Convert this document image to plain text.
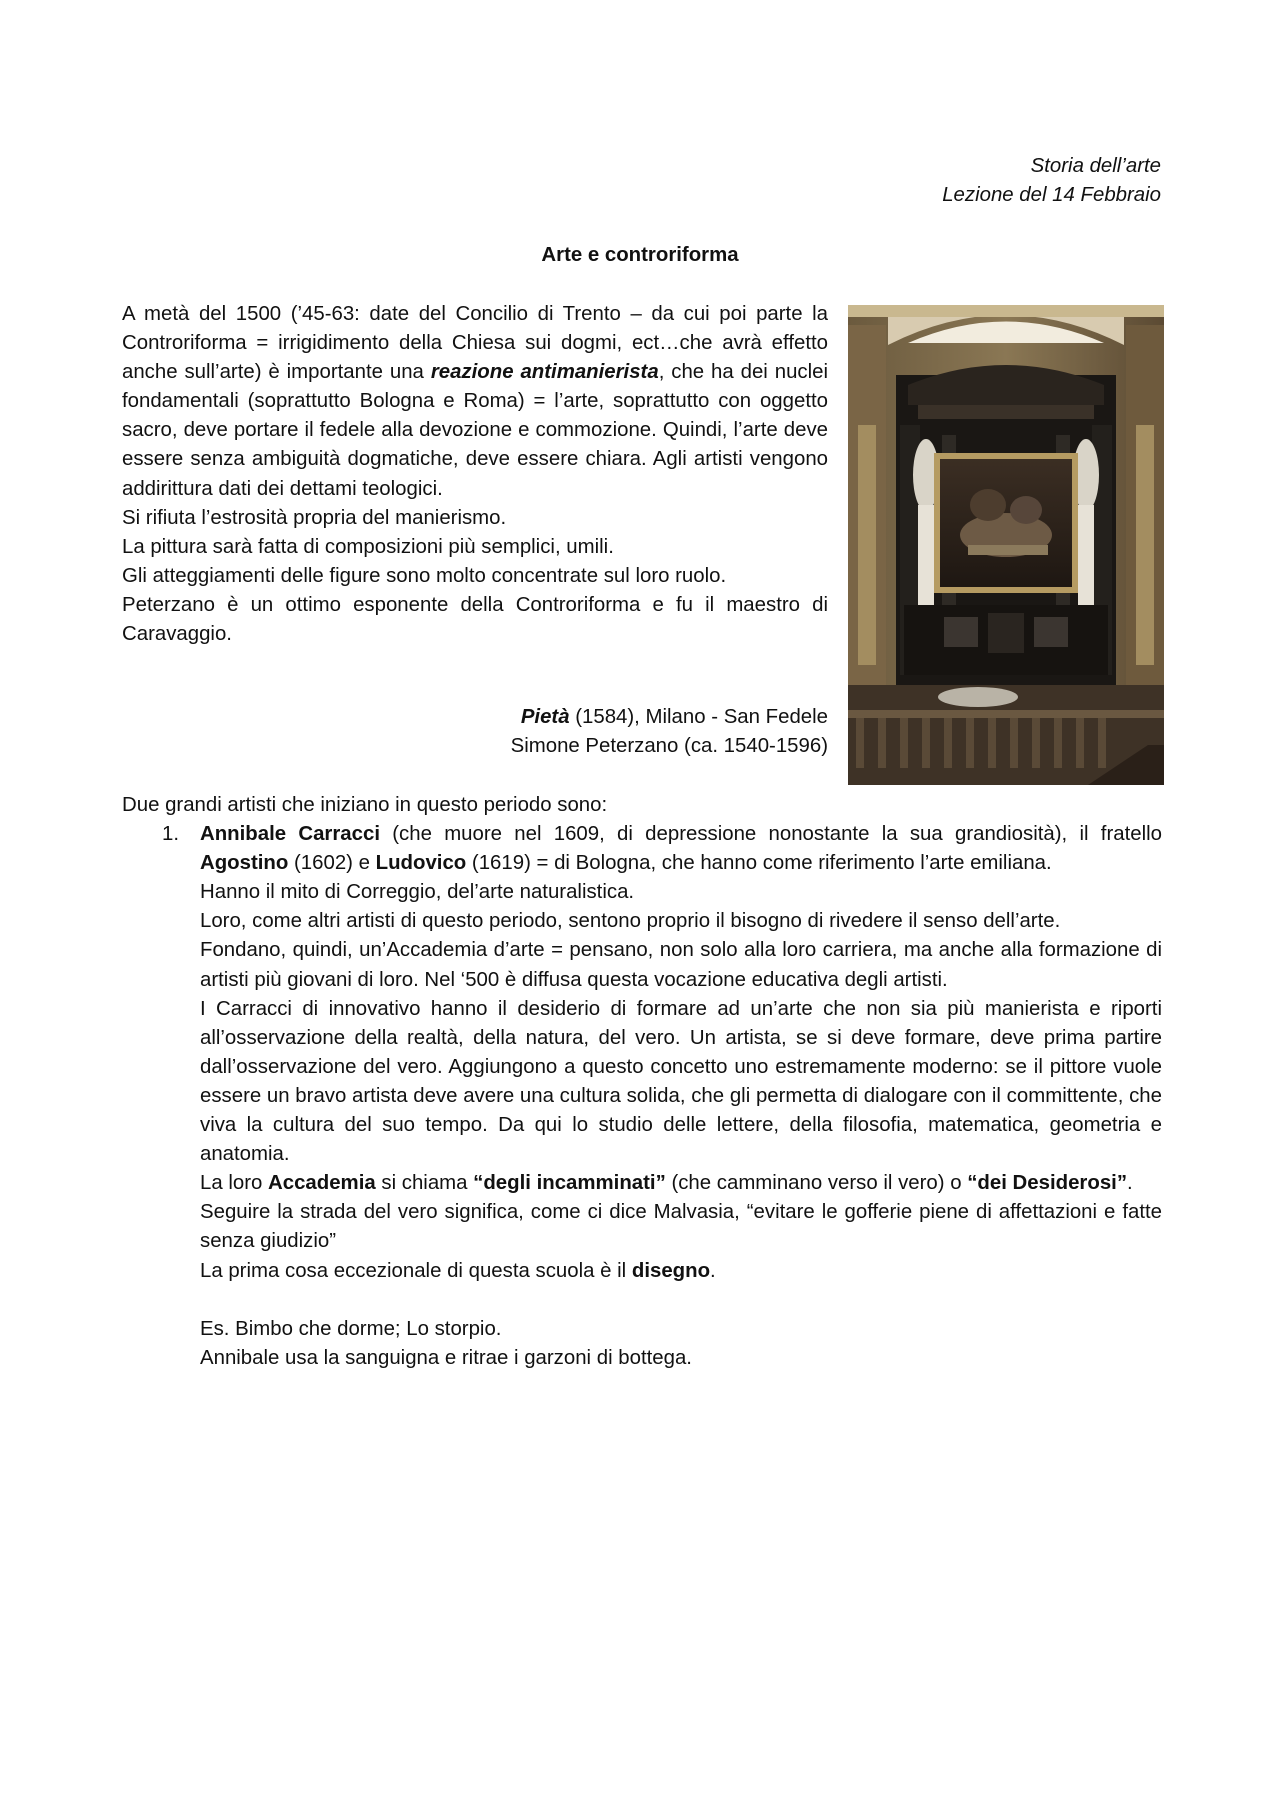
Storia dell’arte
Lezione del 14 Febbraio
Arte e controriforma

A metà del 1500 (’45-63: date del Concilio di Trento – da cui poi parte la Controriforma = irrigidimento della Chiesa sui dogmi, ect…che avrà effetto anche sull’arte) è importante una reazione antimanierista, che ha dei nuclei fondamentali (soprattutto Bologna e Roma) = l’arte, soprattutto con oggetto sacro, deve portare il fedele alla devozione e commozione. Quindi, l’arte deve essere senza ambiguità dogmatiche, deve essere chiara. Agli artisti vengono addirittura dati dei dettami teologici.

Si rifiuta l’estrosità propria del manierismo.

La pittura sarà fatta di composizioni più semplici, umili.

Gli atteggiamenti delle figure sono molto concentrate sul loro ruolo.

Peterzano è un ottimo esponente della Controriforma e fu il maestro di Caravaggio.

Pietà (1584), Milano - San Fedele

Simone Peterzano (ca. 1540-1596)

Due grandi artisti che iniziano in questo periodo sono:

1. Annibale Carracci (che muore nel 1609, di depressione nonostante la sua grandiosità), il fratello Agostino (1602) e Ludovico (1619) = di Bologna, che hanno come riferimento l’arte emiliana.

Hanno il mito di Correggio, del’arte naturalistica.

Loro, come altri artisti di questo periodo, sentono proprio il bisogno di rivedere il senso dell’arte.

Fondano, quindi, un’Accademia d’arte = pensano, non solo alla loro carriera, ma anche alla formazione di artisti più giovani di loro. Nel ‘500 è diffusa questa vocazione educativa degli artisti.

I Carracci di innovativo hanno il desiderio di formare ad un’arte che non sia più manierista e riporti all’osservazione della realtà, della natura, del vero. Un artista, se si deve formare, deve prima partire dall’osservazione del vero. Aggiungono a questo concetto uno estremamente moderno: se il pittore vuole essere un bravo artista deve avere una cultura solida, che gli permetta di dialogare con il committente, che viva la cultura del suo tempo. Da qui lo studio delle lettere, della filosofia, matematica, geometria e anatomia.

La loro Accademia si chiama “degli incamminati” (che camminano verso il vero) o “dei Desiderosi”.

Seguire la strada del vero significa, come ci dice Malvasia, “evitare le gofferie piene di affettazioni e fatte senza giudizio”

La prima cosa eccezionale di questa scuola è il disegno.

Es. Bimbo che dorme; Lo storpio.

Annibale usa la sanguigna e ritrae i garzoni di bottega.
